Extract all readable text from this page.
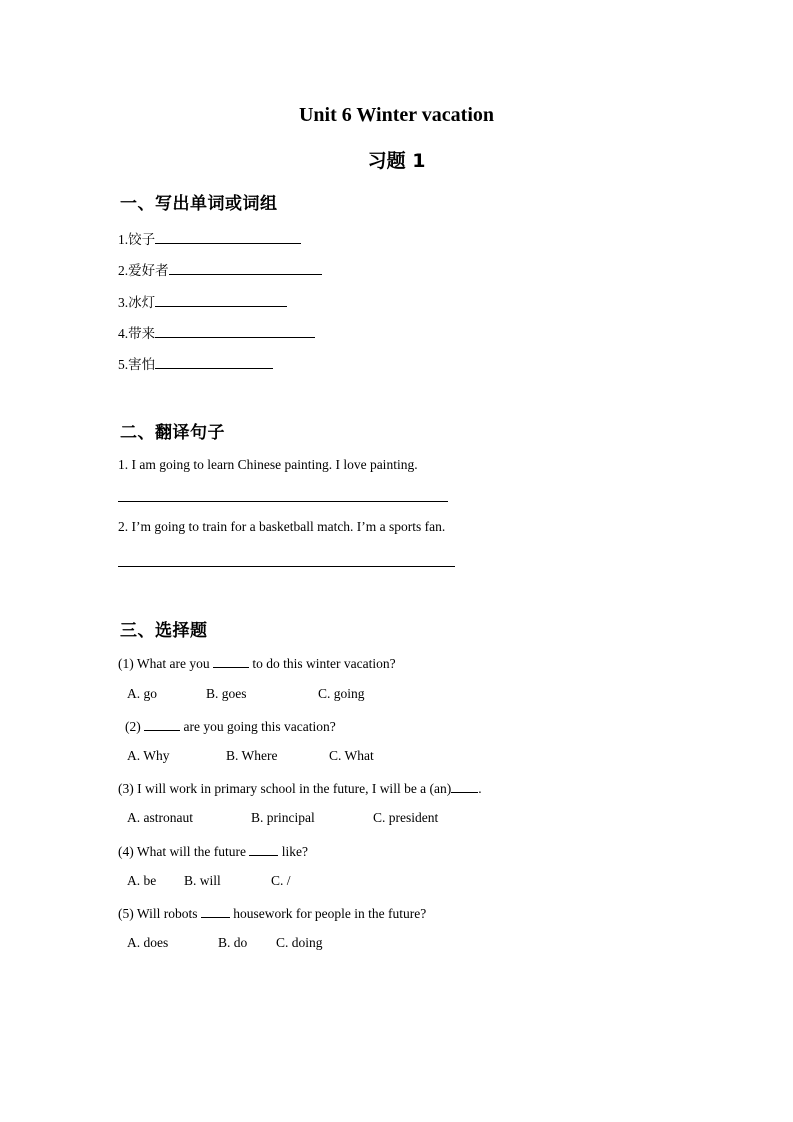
Unit 6 Winter vacation
习题 1
一、写出单词或词组
1.饺子
2.爱好者
3.冰灯
4.带来
5.害怕
二、翻译句子
1. I am going to learn Chinese painting. I love painting.
2. I’m going to train for a basketball match. I’m a sports fan.
三、选择题
(1) What are you	to do this winter vacation?
A. go	B. goes	C. going
(2)	are you going this vacation?
A. Why	B. Where	C. What
(3) I will work in primary school in the future, I will be a (an) .
A. astronaut	B. principal	C. president
(4) What will the future  like?
A. be B. will	C. /
(5) Will robots  housework for people in the future?
A. does	B. do C. doing
